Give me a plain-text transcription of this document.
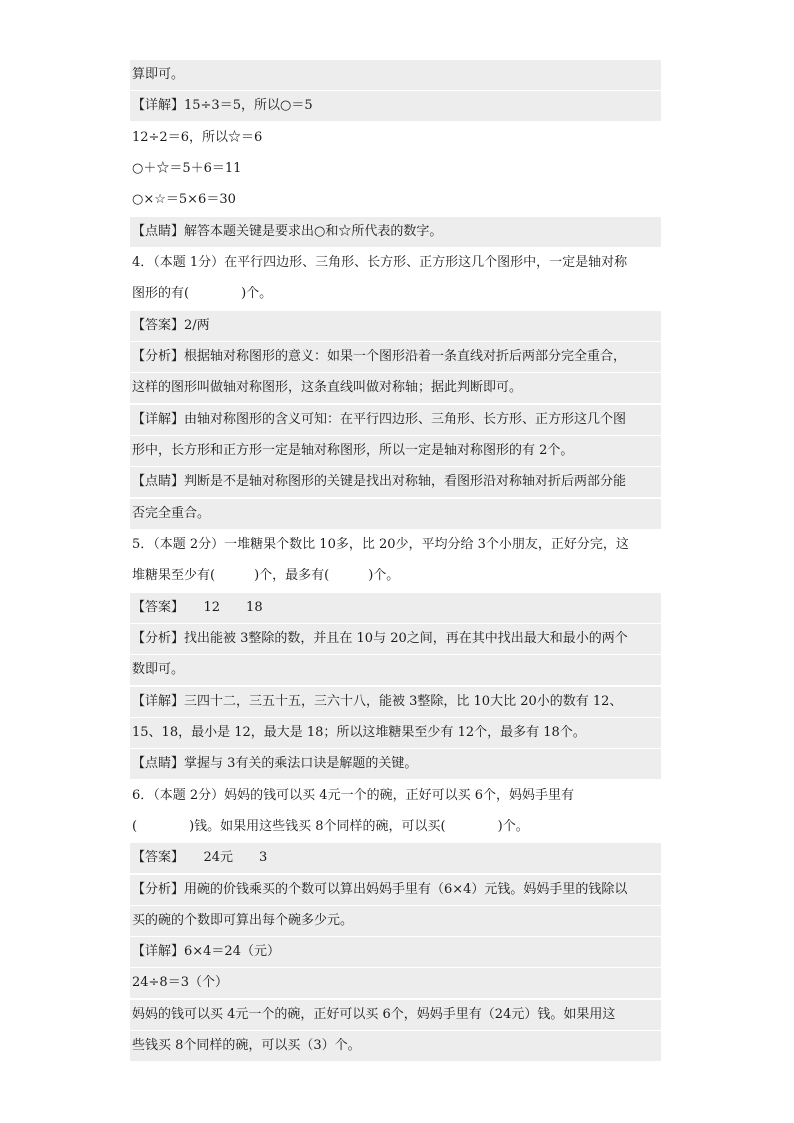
算即可。
【详解】15÷3＝5，所以○＝5
12÷2＝6，所以☆＝6
○＋☆＝5＋6＝11
○×☆＝5×6＝30
【点睛】解答本题关键是要求出○和☆所代表的数字。
4．（本题 1分）在平行四边形、三角形、长方形、正方形这几个图形中，一定是轴对称
图形的有(　　　　)个。
【答案】2/两
【分析】根据轴对称图形的意义：如果一个图形沿着一条直线对折后两部分完全重合，
这样的图形叫做轴对称图形，这条直线叫做对称轴；据此判断即可。
【详解】由轴对称图形的含义可知：在平行四边形、三角形、长方形、正方形这几个图
形中，长方形和正方形一定是轴对称图形，所以一定是轴对称图形的有 2个。
【点睛】判断是不是轴对称图形的关键是找出对称轴，看图形沿对称轴对折后两部分能
否完全重合。
5．（本题 2分）一堆糖果个数比 10多，比 20少，平均分给 3个小朋友，正好分完，这
堆糖果至少有(　　　)个，最多有(　　　)个。
【答案】　　12　　18
【分析】找出能被 3整除的数，并且在 10与 20之间，再在其中找出最大和最小的两个
数即可。
【详解】三四十二，三五十五，三六十八，能被 3整除，比 10大比 20小的数有 12、
15、18，最小是 12，最大是 18；所以这堆糖果至少有 12个，最多有 18个。
【点睛】掌握与 3有关的乘法口诀是解题的关键。
6．（本题 2分）妈妈的钱可以买 4元一个的碗，正好可以买 6个，妈妈手里有
(　　　　)钱。如果用这些钱买 8个同样的碗，可以买(　　　　)个。
【答案】　　24元　　3
【分析】用碗的价钱乘买的个数可以算出妈妈手里有（6×4）元钱。妈妈手里的钱除以
买的碗的个数即可算出每个碗多少元。
【详解】6×4＝24（元）
24÷8＝3（个）
妈妈的钱可以买 4元一个的碗，正好可以买 6个，妈妈手里有（24元）钱。如果用这
些钱买 8个同样的碗，可以买（3）个。
